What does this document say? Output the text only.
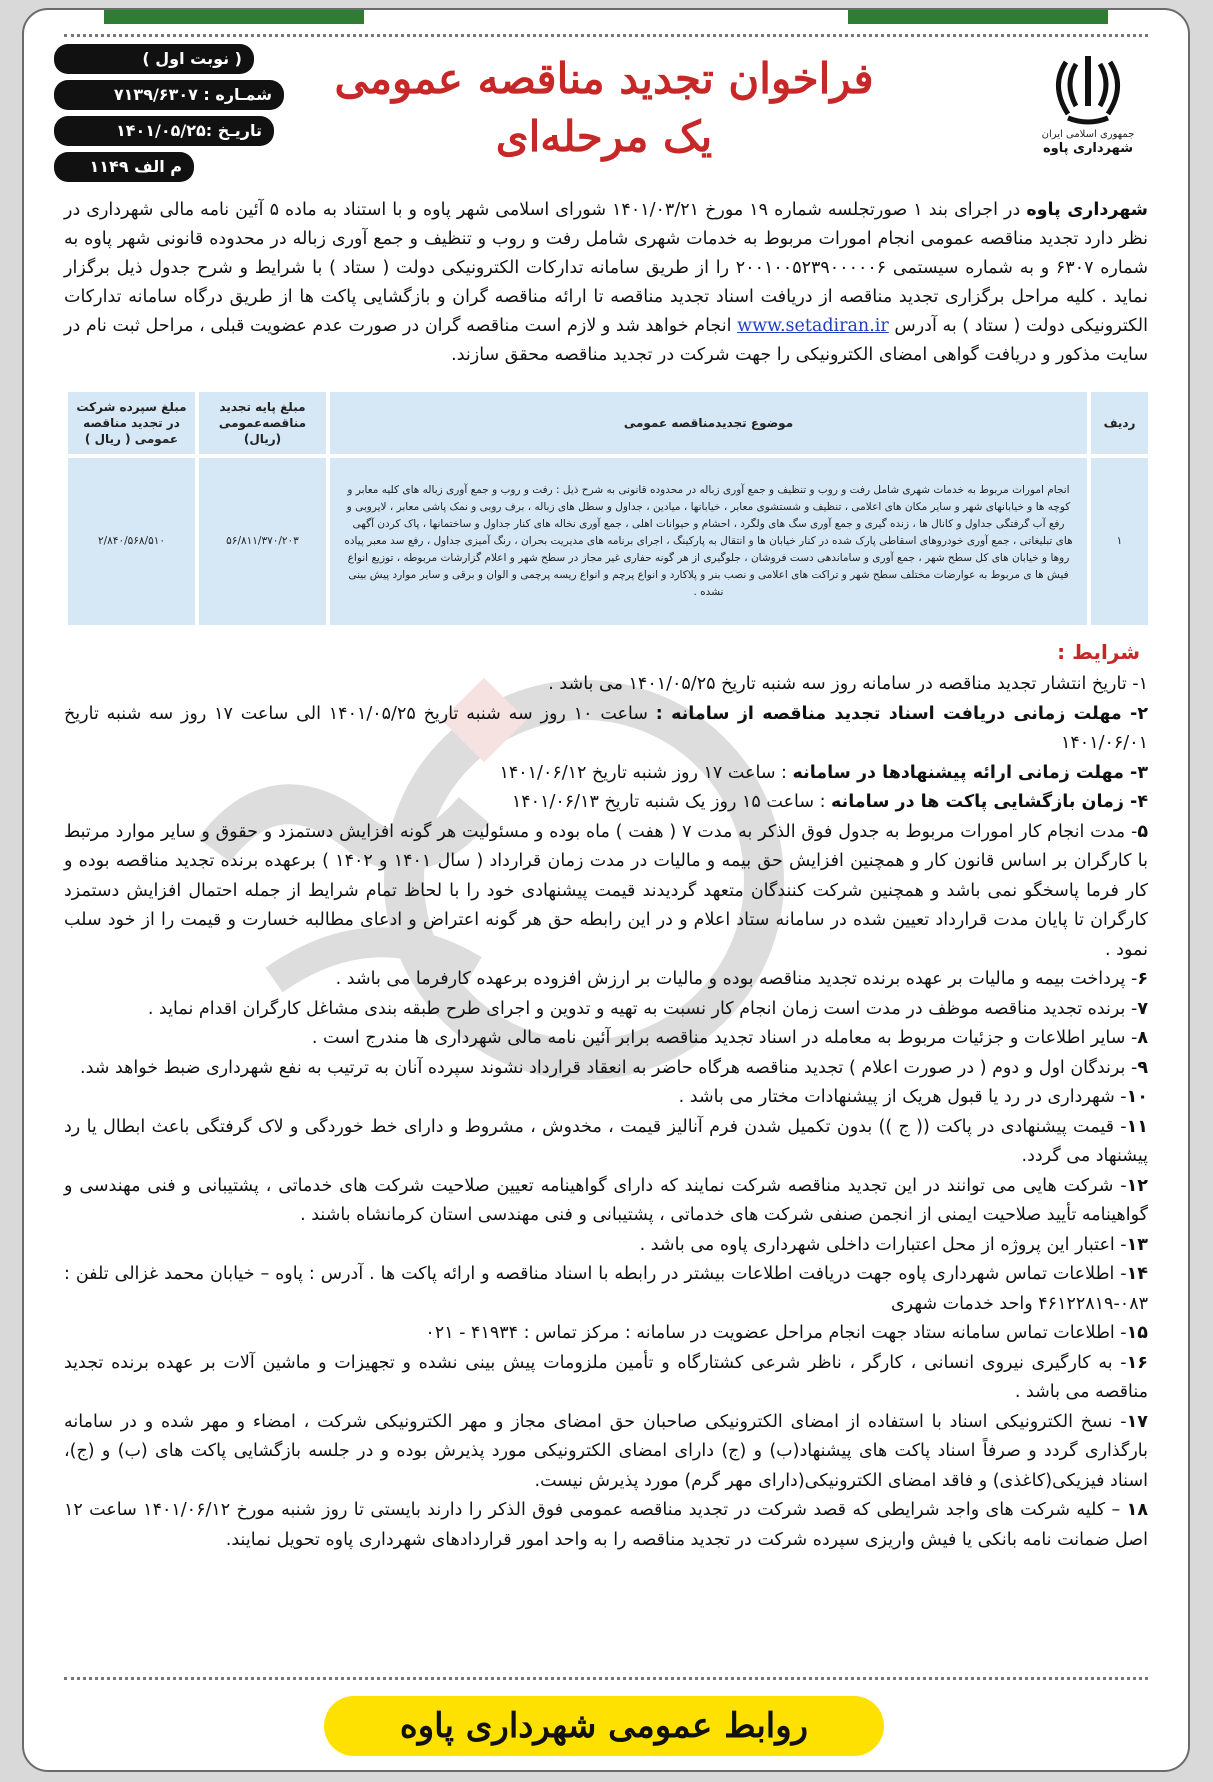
( نوبت اول )
شمـاره : ۷۱۳۹/۶۳۰۷
تاریـخ :۱۴۰۱/۰۵/۲۵
م الف ۱۱۴۹
فراخوان تجدید مناقصه عمومی
یک مرحله‌ای	جمهوری اسلامی ایران
شهرداری پاوه
شهرداری پاوه در اجرای بند ۱ صورتجلسه شماره ۱۹ مورخ ۱۴۰۱/۰۳/۲۱ شورای اسلامی شهر پاوه و با استناد به ماده ۵ آئین نامه مالی شهرداری در نظر دارد تجدید مناقصه عمومی انجام امورات مربوط به خدمات شهری شامل رفت و روب و تنظیف و جمع آوری زباله در محدوده قانونی شهر پاوه به شماره ۶۳۰۷ و به شماره سیستمی ۲۰۰۱۰۰۵۲۳۹۰۰۰۰۰۶ را از طریق سامانه تدارکات الکترونیکی دولت ( ستاد ) با شرایط و شرح جدول ذیل برگزار نماید . کلیه مراحل برگزاری تجدید مناقصه از دریافت اسناد تجدید مناقصه تا ارائه مناقصه گران و بازگشایی پاکت ها از طریق درگاه سامانه تدارکات الکترونیکی دولت ( ستاد ) به آدرس www.setadiran.ir انجام خواهد شد و لازم است مناقصه گران در صورت عدم عضویت قبلی ، مراحل ثبت نام در سایت مذکور و دریافت گواهی امضای الکترونیکی را جهت شرکت در تجدید مناقصه محقق سازند.
ردیف	موضوع تجدیدمناقصه عمومی	مبلغ پایه تجدید مناقصه‌عمومی (ریال)	مبلغ سپرده شرکت در تجدید مناقصه عمومی ( ریال )
۱	انجام امورات مربوط به خدمات شهری شامل رفت و روب و تنظیف و جمع آوری زباله در محدوده قانونی به شرح ذیل : رفت و روب و جمع آوری زباله های کلیه معابر و کوچه ها و خیابانهای شهر و سایر مکان های اعلامی ، تنظیف و شستشوی معابر ، خیابانها ، میادین ، جداول و سطل های زباله ، برف روبی و نمک پاشی معابر ، لایروبی و رفع آب گرفتگی جداول و کانال ها ، زنده گیری و جمع آوری سگ های ولگرد ، احشام و حیوانات اهلی ، جمع آوری نخاله های کنار جداول و ساختمانها ، پاک کردن آگهی های تبلیغاتی ، جمع آوری خودروهای اسقاطی پارک شده در کنار خیابان ها و انتقال به پارکینگ ، اجرای برنامه های مدیریت بحران ، رنگ آمیزی جداول ، رفع سد معبر پیاده روها و خیابان های کل سطح شهر ، جمع آوری و ساماندهی دست فروشان ، جلوگیری از هر گونه حفاری غیر مجاز در سطح شهر و اعلام گزارشات مربوطه ، توزیع انواع فیش ها ی مربوط به عوارضات مختلف سطح شهر و تراکت های اعلامی و نصب بنر و پلاکارد و انواع پرچم و انواع ریسه پرچمی و الوان و برقی و سایر موارد پیش بینی نشده .	۵۶/۸۱۱/۳۷۰/۲۰۳	۲/۸۴۰/۵۶۸/۵۱۰
شرایط :

۱- تاریخ انتشار تجدید مناقصه در سامانه روز سه شنبه تاریخ ۱۴۰۱/۰۵/۲۵ می باشد .

۲- مهلت زمانی دریافت اسناد تجدید مناقصه از سامانه : ساعت ۱۰ روز سه شنبه تاریخ ۱۴۰۱/۰۵/۲۵ الی ساعت ۱۷ روز سه شنبه تاریخ ۱۴۰۱/۰۶/۰۱

۳- مهلت زمانی ارائه پیشنهادها در سامانه : ساعت ۱۷ روز شنبه تاریخ ۱۴۰۱/۰۶/۱۲

۴- زمان بازگشایی پاکت ها در سامانه : ساعت ۱۵ روز یک شنبه تاریخ ۱۴۰۱/۰۶/۱۳

۵- مدت انجام کار امورات مربوط به جدول فوق الذکر به مدت ۷ ( هفت ) ماه بوده و مسئولیت هر گونه افزایش دستمزد و حقوق و سایر موارد مرتبط با کارگران بر اساس قانون کار و همچنین افزایش حق بیمه و مالیات در مدت زمان قرارداد ( سال ۱۴۰۱ و ۱۴۰۲ ) برعهده برنده تجدید مناقصه بوده و کار فرما پاسخگو نمی باشد و همچنین شرکت کنندگان متعهد گردیدند قیمت پیشنهادی خود را با لحاظ تمام شرایط از جمله احتمال افزایش دستمزد کارگران تا پایان مدت قرارداد تعیین شده در سامانه ستاد اعلام و در این رابطه حق هر گونه اعتراض و ادعای مطالبه خسارت و قیمت را از خود سلب نمود .

۶- پرداخت بیمه و مالیات بر عهده برنده تجدید مناقصه بوده و مالیات بر ارزش افزوده برعهده کارفرما می باشد .

۷- برنده تجدید مناقصه موظف در مدت است زمان انجام کار نسبت به تهیه و تدوین و اجرای طرح طبقه بندی مشاغل کارگران اقدام نماید .

۸- سایر اطلاعات و جزئیات مربوط به معامله در اسناد تجدید مناقصه برابر آئین نامه مالی شهرداری ها مندرج است .

۹- برندگان اول و دوم ( در صورت اعلام ) تجدید مناقصه هرگاه حاضر به انعقاد قرارداد نشوند سپرده آنان به ترتیب به نفع شهرداری ضبط خواهد شد.

۱۰- شهرداری در رد یا قبول هریک از پیشنهادات مختار می باشد .

۱۱- قیمت پیشنهادی در پاکت (( ج )) بدون تکمیل شدن فرم آنالیز قیمت ، مخدوش ، مشروط و دارای خط خوردگی و لاک گرفتگی باعث ابطال یا رد پیشنهاد می گردد.

۱۲- شرکت هایی می توانند در این تجدید مناقصه شرکت نمایند که دارای گواهینامه تعیین صلاحیت شرکت های خدماتی ، پشتیبانی و فنی مهندسی و گواهینامه تأیید صلاحیت ایمنی از انجمن صنفی شرکت های خدماتی ، پشتیبانی و فنی مهندسی استان کرمانشاه باشند .

۱۳- اعتبار این پروژه از محل اعتبارات داخلی شهرداری پاوه می باشد .

۱۴- اطلاعات تماس شهرداری پاوه جهت دریافت اطلاعات بیشتر در رابطه با اسناد مناقصه و ارائه پاکت ها . آدرس : پاوه – خیابان محمد غزالی تلفن : ۰۸۳-۴۶۱۲۲۸۱۹ واحد خدمات شهری

۱۵- اطلاعات تماس سامانه ستاد جهت انجام مراحل عضویت در سامانه : مرکز تماس : ۴۱۹۳۴ - ۰۲۱

۱۶- به کارگیری نیروی انسانی ، کارگر ، ناظر شرعی کشتارگاه و تأمین ملزومات پیش بینی نشده و تجهیزات و ماشین آلات بر عهده برنده تجدید مناقصه می باشد .

۱۷- نسخ الکترونیکی اسناد با استفاده از امضای الکترونیکی صاحبان حق امضای مجاز و مهر الکترونیکی شرکت ، امضاء و مهر شده و در سامانه بارگذاری گردد و صرفاً اسناد پاکت های پیشنهاد(ب) و (ج) دارای امضای الکترونیکی مورد پذیرش بوده و در جلسه بازگشایی پاکت های (ب) و (ج)، اسناد فیزیکی(کاغذی) و فاقد امضای الکترونیکی(دارای مهر گرم) مورد پذیرش نیست.

۱۸ – کلیه شرکت های واجد شرایطی که قصد شرکت در تجدید مناقصه عمومی فوق الذکر را دارند بایستی تا روز شنبه مورخ ۱۴۰۱/۰۶/۱۲ ساعت ۱۲ اصل ضمانت نامه بانکی یا فیش واریزی سپرده شرکت در تجدید مناقصه را به واحد امور قراردادهای شهرداری پاوه تحویل نمایند.

روابط عمومی شهرداری پاوه
